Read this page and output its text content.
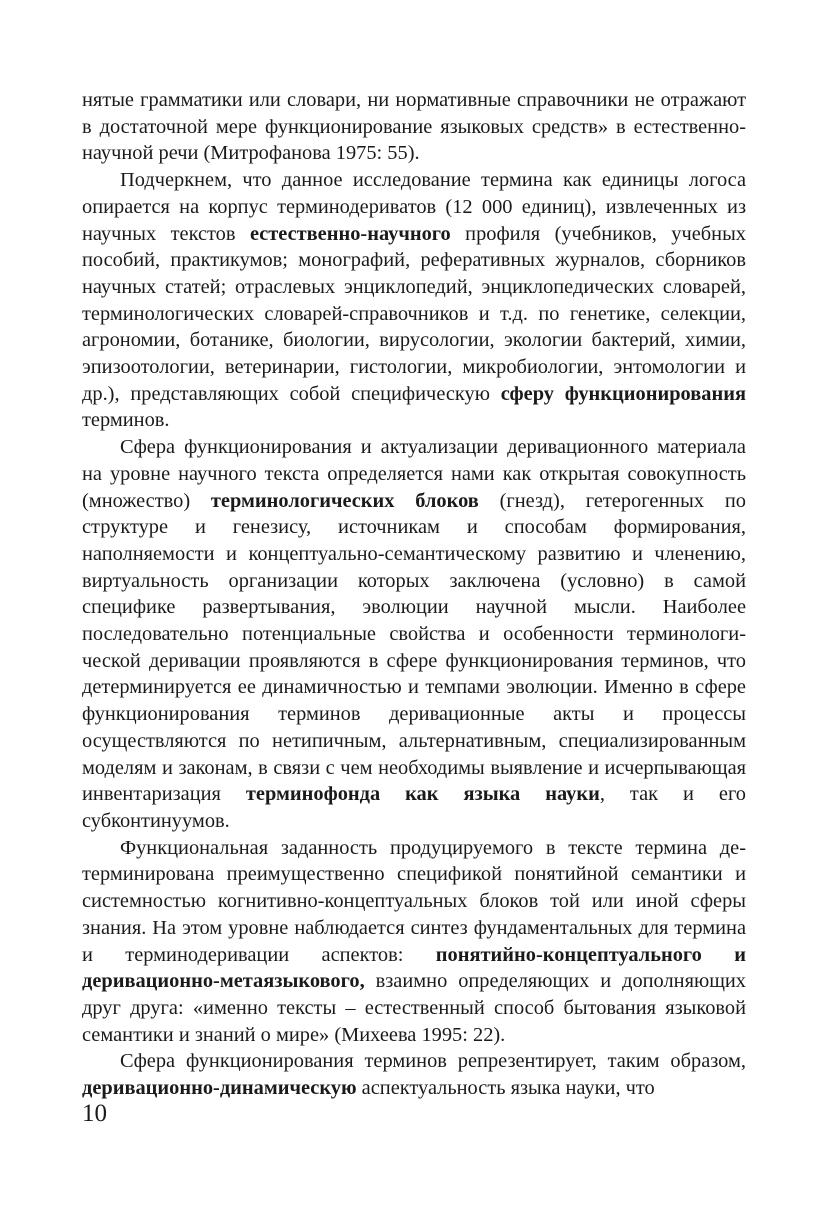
нятые грамматики или словари, ни нормативные справочники не отражают в достаточной мере функционирование языковых средств» в естественно-научной речи (Митрофанова 1975: 55).

Подчеркнем, что данное исследование термина как единицы логоса опирается на корпус терминодериватов (12 000 единиц), извлеченных из научных текстов естественно-научного профиля (учебников, учебных пособий, практикумов; монографий, реферативных журналов, сборников научных статей; отраслевых энциклопедий, энциклопедических словарей, терминологических словарей-справочников и т.д. по генетике, селекции, агрономии, ботанике, биологии, вирусологии, экологии бактерий, химии, эпизоотологии, ветеринарии, гистологии, микробиологии, энтомологии и др.), представляющих собой специфическую сферу функционирования терминов.

Сфера функционирования и актуализации деривационного материала на уровне научного текста определяется нами как открытая совокупность (множество) терминологических блоков (гнезд), гетерогенных по структуре и генезису, источникам и способам формирования, наполняемости и концептуально-семантическому развитию и членению, виртуальность организации которых заключена (условно) в самой специфике развертывания, эволюции научной мысли. Наиболее последовательно потенциальные свойства и особенности терминологической деривации проявляются в сфере функционирования терминов, что детерминируется ее динамичностью и темпами эволюции. Именно в сфере функционирования терминов деривационные акты и процессы осуществляются по нетипичным, альтернативным, специализированным моделям и законам, в связи с чем необходимы выявление и исчерпывающая инвентаризация терминофонда как языка науки, так и его субконтинуумов.

Функциональная заданность продуцируемого в тексте термина детерминирована преимущественно спецификой понятийной семантики и системностью когнитивно-концептуальных блоков той или иной сферы знания. На этом уровне наблюдается синтез фундаментальных для термина и терминодеривации аспектов: понятийно-концептуального и деривационно-метаязыкового, взаимно определяющих и дополняющих друг друга: «именно тексты – естественный способ бытования языковой семантики и знаний о мире» (Михеева 1995: 22).

Сфера функционирования терминов репрезентирует, таким образом, деривационно-динамическую аспектуальность языка науки, что

10
